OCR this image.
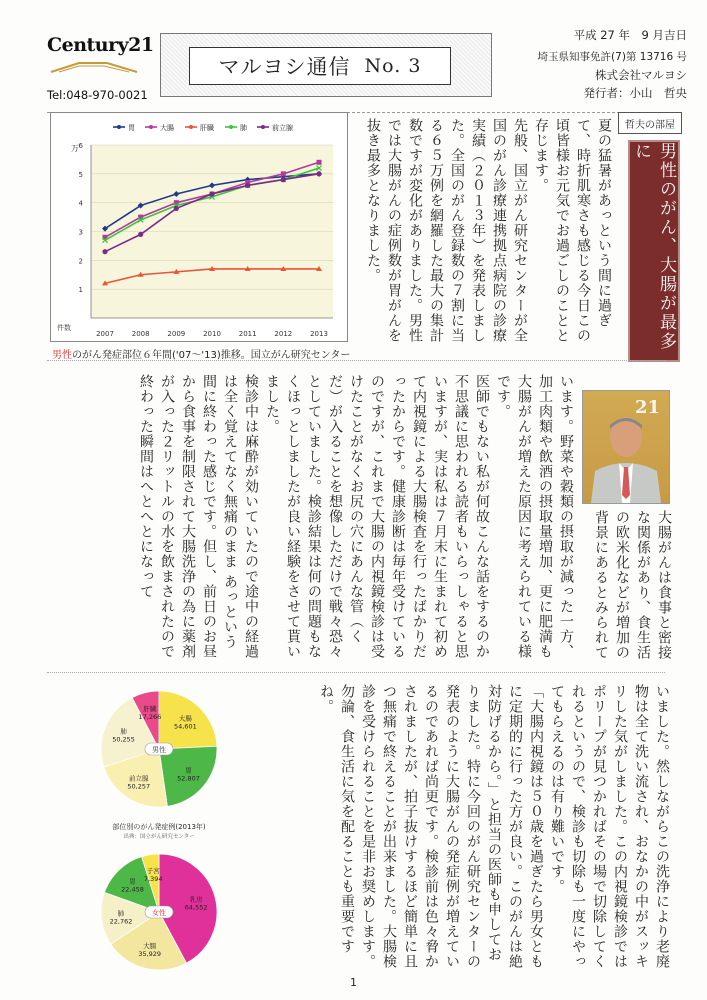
Century21
Tel:048-970-0021
マルヨシ通信 No. 3
平成 27 年　9 月吉日
埼玉県知事免許(7)第 13716 号
株式会社マルヨシ
発行者：小山　哲央
哲夫の部屋
男性のがん、大腸が最多に
夏の猛暑があっという間に過ぎて、時折肌寒さも感じる今日この頃皆様お元気でお過ごしのことと存じます。
先般、国立がん研究センターが全国のがん診療連携拠点病院の診療実績（２０１３年）を発表しました。全国のがん登録数の７割に当る６５万例を網羅した最大の集計数ですが変化がありました。男性では大腸がんの症例数が胃がんを抜き最多となりました。
1
2
3
4
5
6
万
件数
2007	2008	2009	2010	2011	2012	2013
胃	大腸	肝臓	肺	前立腺
男性のがん発症部位６年間('07～'13)推移。国立がん研究センター
21
大腸がんは食事と密接な関係があり、食生活の欧米化などが増加の背景にあるとみられて
います。野菜や穀類の摂取が減った一方、加工肉類や飲酒の摂取量増加、更に肥満も大腸がんが増えた原因に考えられている様です。
医師でもない私が何故こんな話をするのか不思議に思われる読者もいらっしゃると思いますが、実は私は７月末に生まれて初めて内視鏡による大腸検査を行ったばかりだったからです。健康診断は毎年受けているのですが、これまで大腸の内視鏡検診は受けたことがなくお尻の穴にあんな管（くだ）が入ることを想像しただけで戦々恐々としていました。検診結果は何の問題もなくほっとしましたが良い経験をさせて貰いました。
検診中は麻酔が効いていたので途中の経過は全く覚えてなく無痛のまま あっという間に終わった感じです。但し、前日のお昼から食事を制限されて大腸洗浄の為に薬剤が入った２リットルの水を飲まされたので終わった瞬間はへとへとになって
いました。然しながらこの洗浄により老廃物は全て洗い流され、おなかの中がスッキリした気がしました。この内視鏡検診ではポリープが見つかればその場で切除してくれるというので、検診も切除も一度にやってもらえるのは有り難いです。
「大腸内視鏡は５０歳を過ぎたら男女ともに定期的に行った方が良い。このがんは絶対防げるから。」と担当の医師も申しておりました。特に今回のがん研究センターの発表のように大腸がんの発症例が増えているのであれば尚更です。検診前は色々脅かされましたが、拍子抜けするほど簡単に且つ無痛で終えることが出来ました。大腸検診を受けられることを是非お奨めします。勿論、食生活に気を配ることも重要ですね。
大腸
54,601
胃
52,807
前立腺
50,257
肺
50,255
肝臓
17,266
男性
部位別のがん発症例(2013年)
出典：国立がん研究センター
乳房
64,552
大腸
35,929
肺
22,762
胃
22,458
子宮
7,394
女性
1
